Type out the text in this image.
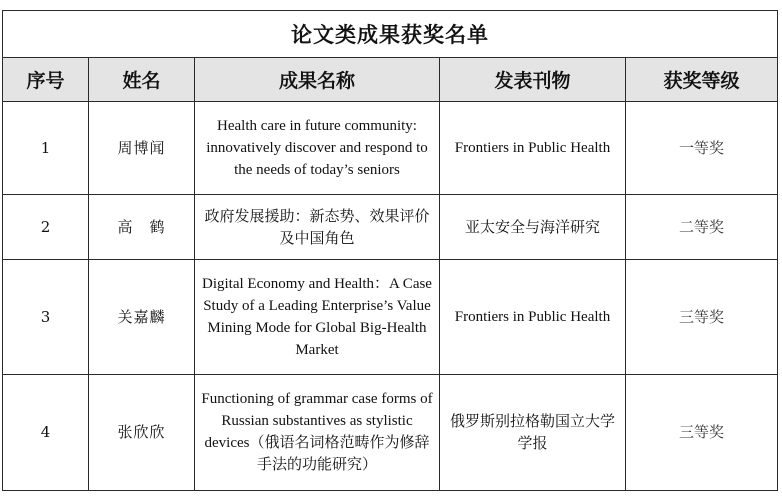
论文类成果获奖名单				
序号	姓名	成果名称	发表刊物	获奖等级
1	周博闻	Health care in future community: innovatively discover and respond to the needs of today’s seniors	Frontiers in Public Health	一等奖
2	高　鹤	政府发展援助：新态势、效果评价及中国角色	亚太安全与海洋研究	二等奖
3	关嘉麟	Digital Economy and Health：A Case Study of a Leading Enterprise’s Value Mining Mode for Global Big-Health Market	Frontiers in Public Health	三等奖
4	张欣欣	Functioning of grammar case forms of Russian substantives as stylistic devices（俄语名词格范畴作为修辞手法的功能研究）	俄罗斯别拉格勒国立大学学报	三等奖
